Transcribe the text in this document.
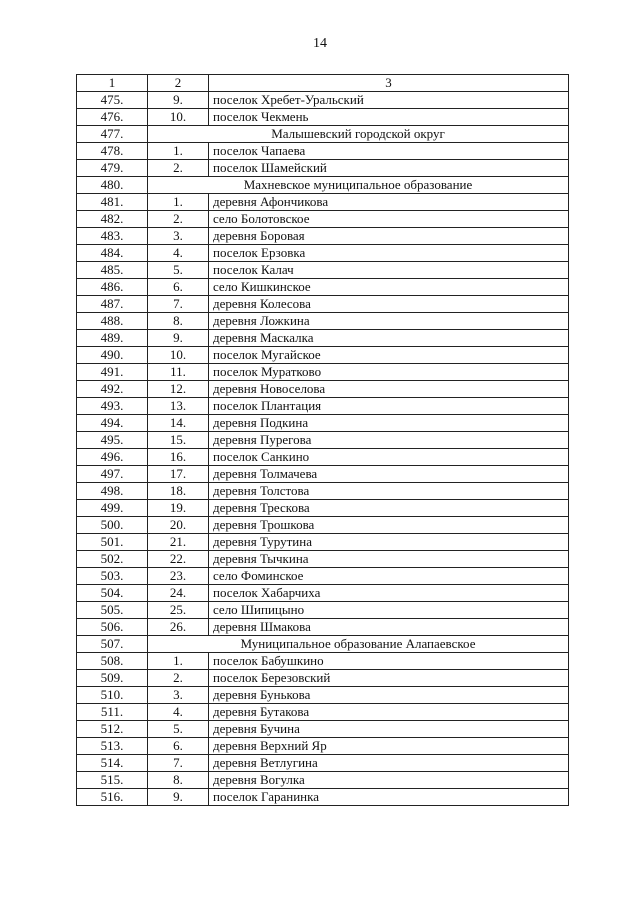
14
1	2	3
475.	9.	поселок Хребет-Уральский
476.	10.	поселок Чекмень
477.	Малышевский городской округ	
478.	1.	поселок Чапаева
479.	2.	поселок Шамейский
480.	Махневское муниципальное образование	
481.	1.	деревня Афончикова
482.	2.	село Болотовское
483.	3.	деревня Боровая
484.	4.	поселок Ерзовка
485.	5.	поселок Калач
486.	6.	село Кишкинское
487.	7.	деревня Колесова
488.	8.	деревня Ложкина
489.	9.	деревня Маскалка
490.	10.	поселок Мугайское
491.	11.	поселок Муратково
492.	12.	деревня Новоселова
493.	13.	поселок Плантация
494.	14.	деревня Подкина
495.	15.	деревня Пурегова
496.	16.	поселок Санкино
497.	17.	деревня Толмачева
498.	18.	деревня Толстова
499.	19.	деревня Трескова
500.	20.	деревня Трошкова
501.	21.	деревня Турутина
502.	22.	деревня Тычкина
503.	23.	село Фоминское
504.	24.	поселок Хабарчиха
505.	25.	село Шипицыно
506.	26.	деревня Шмакова
507.	Муниципальное образование Алапаевское	
508.	1.	поселок Бабушкино
509.	2.	поселок Березовский
510.	3.	деревня Бунькова
511.	4.	деревня Бутакова
512.	5.	деревня Бучина
513.	6.	деревня Верхний Яр
514.	7.	деревня Ветлугина
515.	8.	деревня Вогулка
516.	9.	поселок Гаранинка
